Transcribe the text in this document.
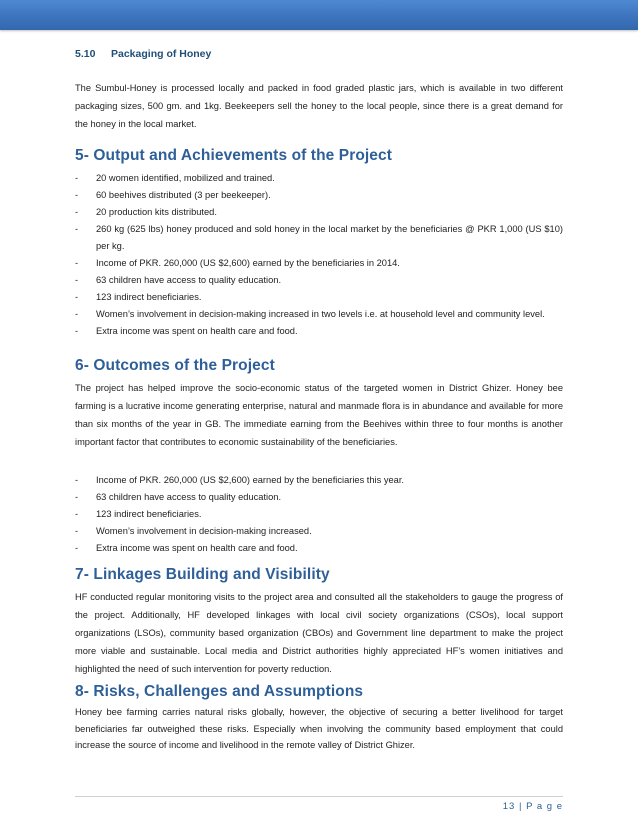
5.10 Packaging of Honey

The Sumbul-Honey is processed locally and packed in food graded plastic jars, which is available in two different packaging sizes, 500 gm. and 1kg. Beekeepers sell the honey to the local people, since there is a great demand for the honey in the local market.

5- Output and Achievements of the Project
- 20 women identified, mobilized and trained.
- 60 beehives distributed (3 per beekeeper).
- 20 production kits distributed.
- 260 kg (625 lbs) honey produced and sold honey in the local market by the beneficiaries @ PKR 1,000 (US $10) per kg.
- Income of PKR. 260,000 (US $2,600) earned by the beneficiaries in 2014.
- 63 children have access to quality education.
- 123 indirect beneficiaries.
- Women’s involvement in decision-making increased in two levels i.e. at household level and community level.
- Extra income was spent on health care and food.
6- Outcomes of the Project

The project has helped improve the socio-economic status of the targeted women in District Ghizer. Honey bee farming is a lucrative income generating enterprise, natural and manmade flora is in abundance and available for more than six months of the year in GB. The immediate earning from the Beehives within three to four months is another important factor that contributes to economic sustainability of the beneficiaries.

- Income of PKR. 260,000 (US $2,600) earned by the beneficiaries this year.
- 63 children have access to quality education.
- 123 indirect beneficiaries.
- Women’s involvement in decision-making increased.
- Extra income was spent on health care and food.
7- Linkages Building and Visibility

HF conducted regular monitoring visits to the project area and consulted all the stakeholders to gauge the progress of the project. Additionally, HF developed linkages with local civil society organizations (CSOs), local support organizations (LSOs), community based organization (CBOs) and Government line department to make the project more viable and sustainable. Local media and District authorities highly appreciated HF’s women initiatives and highlighted the need of such intervention for poverty reduction.

8- Risks, Challenges and Assumptions

Honey bee farming carries natural risks globally, however, the objective of securing a better livelihood for target beneficiaries far outweighed these risks. Especially when involving the community based employment that could increase the source of income and livelihood in the remote valley of District Ghizer.

13 | P a g e
